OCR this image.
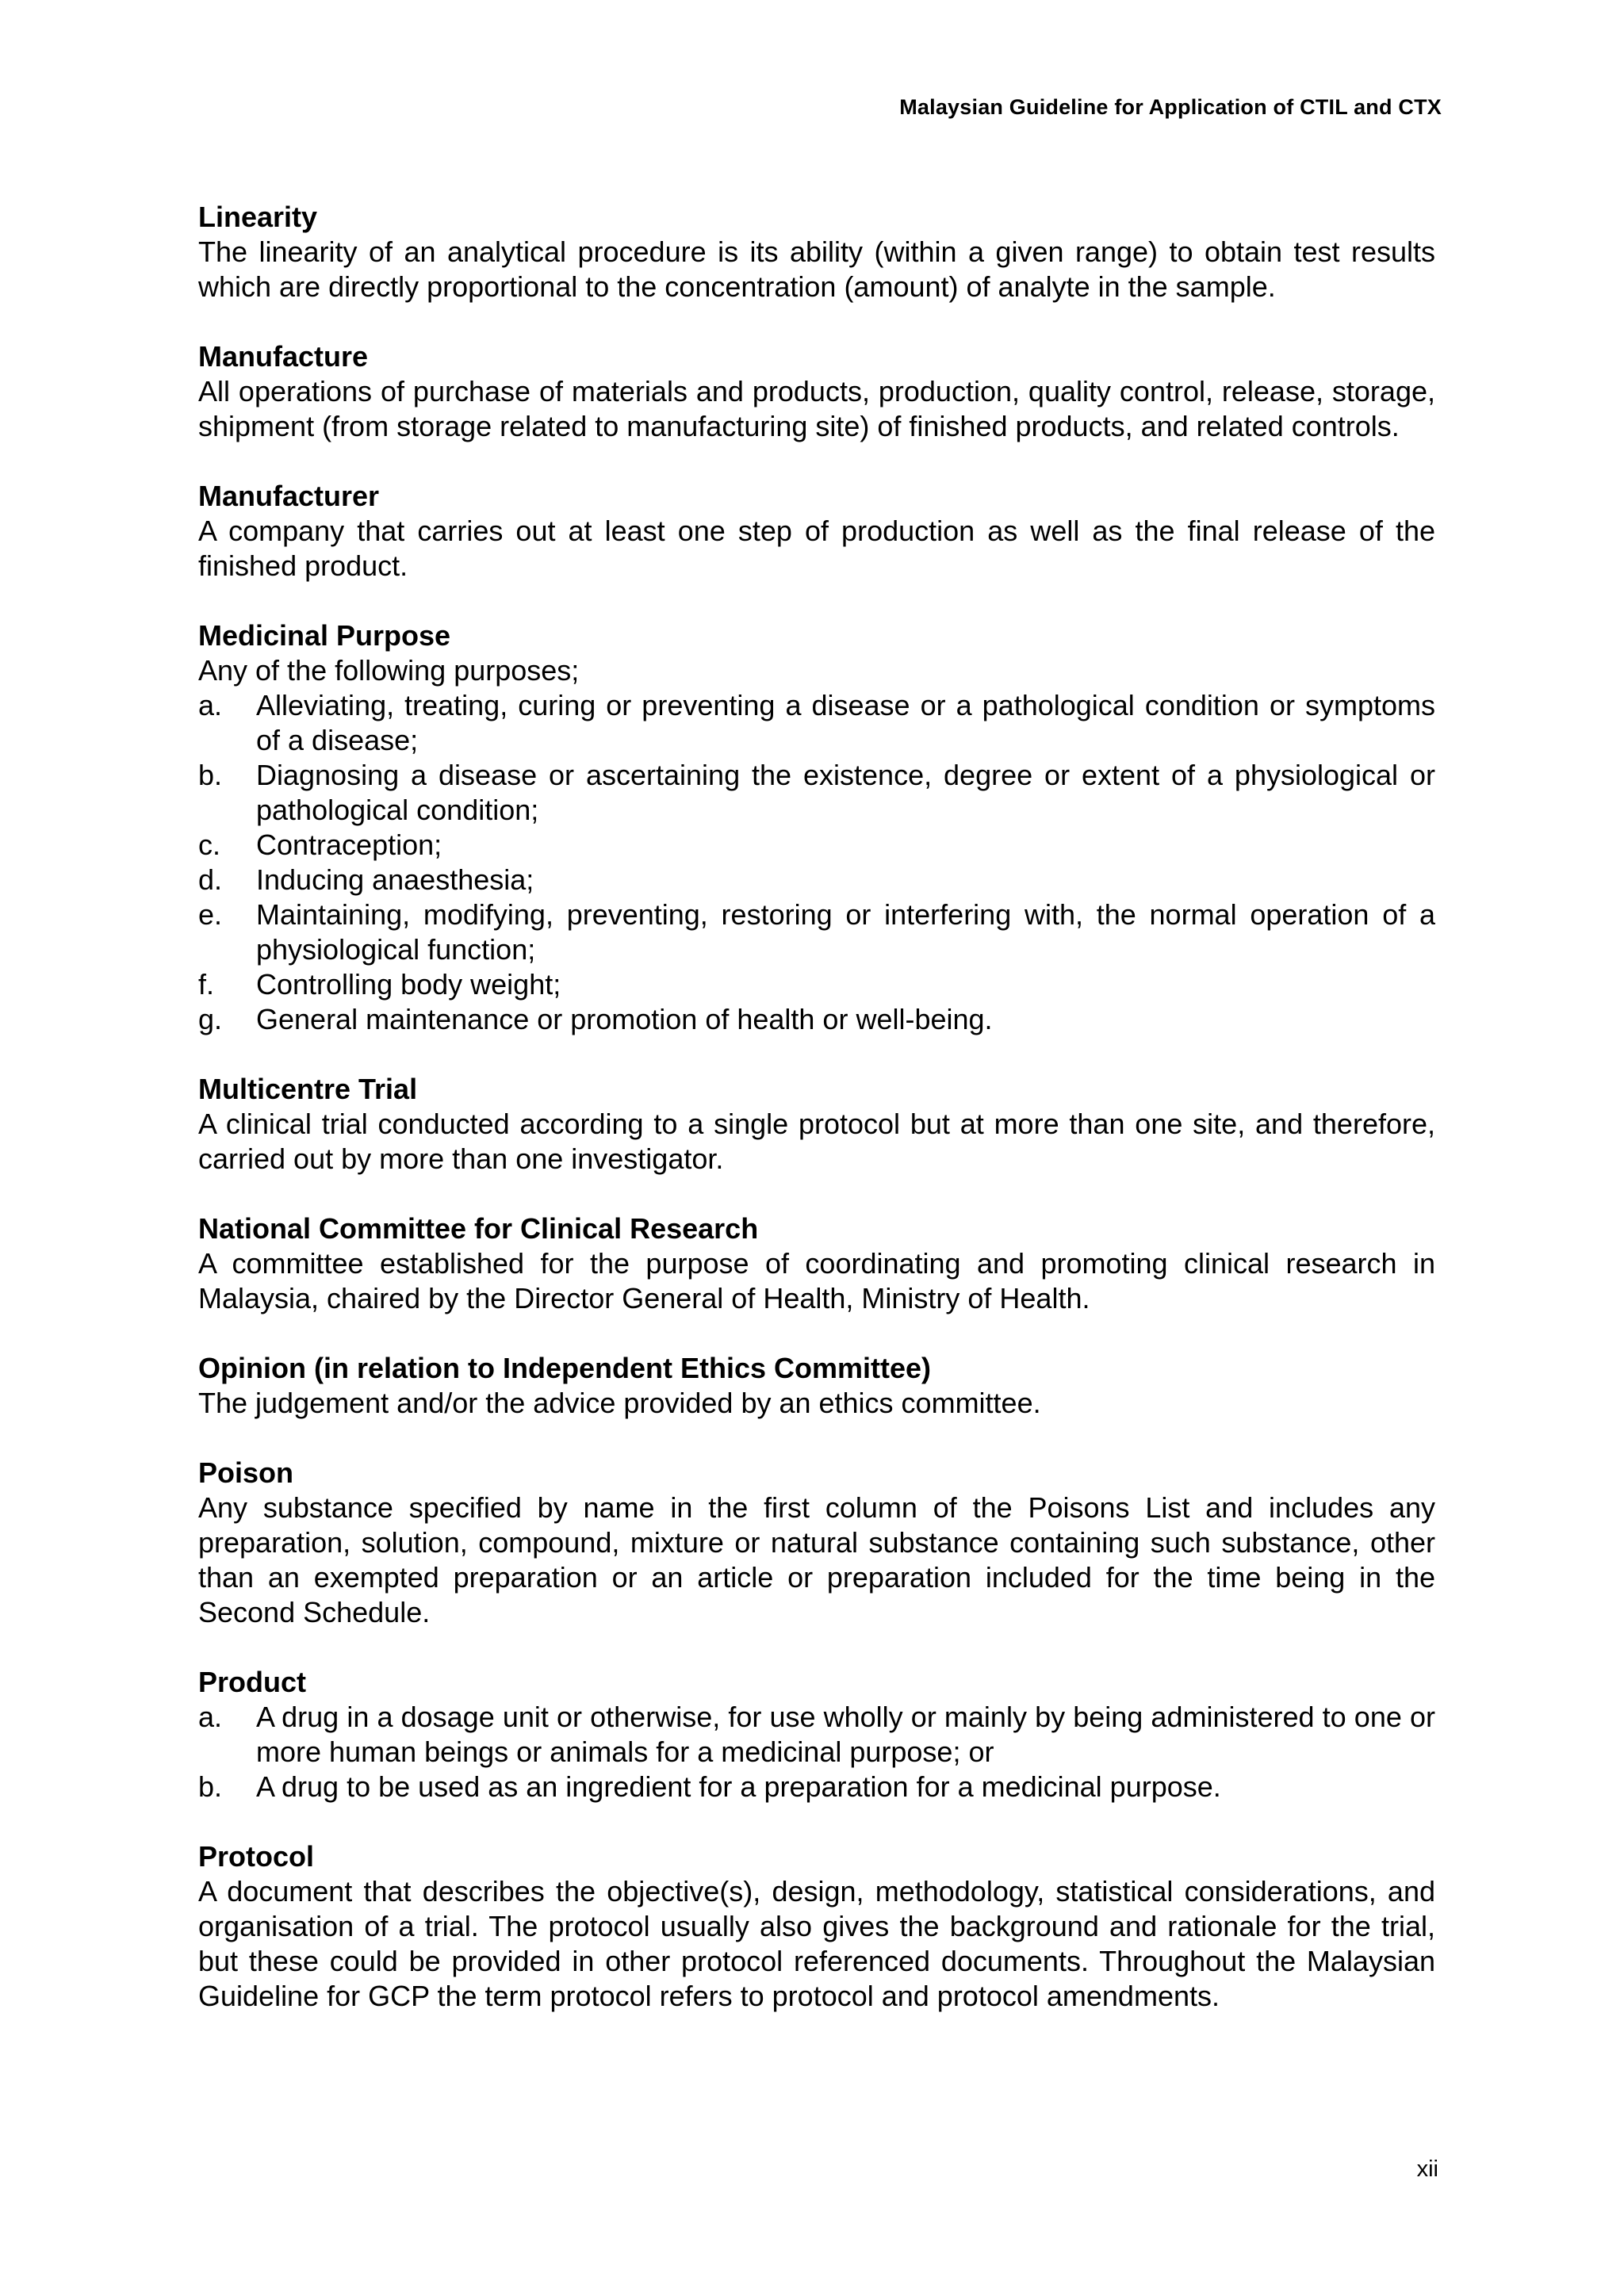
Malaysian Guideline for Application of CTIL and CTX
Linearity
The linearity of an analytical procedure is its ability (within a given range) to obtain test results which are directly proportional to the concentration (amount) of analyte in the sample.
Manufacture
All operations of purchase of materials and products, production, quality control, release, storage, shipment (from storage related to manufacturing site) of finished products, and related controls.
Manufacturer
A company that carries out at least one step of production as well as the final release of the finished product.
Medicinal Purpose
Any of the following purposes;
a.	Alleviating, treating, curing or preventing a disease or a pathological condition or symptoms of a disease;
b.	Diagnosing a disease or ascertaining the existence, degree or extent of a physiological or pathological condition;
c.	Contraception;
d.	Inducing anaesthesia;
e.	Maintaining, modifying, preventing, restoring or interfering with, the normal operation of a physiological function;
f.	Controlling body weight;
g.	General maintenance or promotion of health or well-being.
Multicentre Trial
A clinical trial conducted according to a single protocol but at more than one site, and therefore, carried out by more than one investigator.
National Committee for Clinical Research
A committee established for the purpose of coordinating and promoting clinical research in Malaysia, chaired by the Director General of Health, Ministry of Health.
Opinion (in relation to Independent Ethics Committee)
The judgement and/or the advice provided by an ethics committee.
Poison
Any substance specified by name in the first column of the Poisons List and includes any preparation, solution, compound, mixture or natural substance containing such substance, other than an exempted preparation or an article or preparation included for the time being in the Second Schedule.
Product
a.	A drug in a dosage unit or otherwise, for use wholly or mainly by being administered to one or more human beings or animals for a medicinal purpose; or
b.	A drug to be used as an ingredient for a preparation for a medicinal purpose.
Protocol
A document that describes the objective(s), design, methodology, statistical considerations, and organisation of a trial. The protocol usually also gives the background and rationale for the trial, but these could be provided in other protocol referenced documents. Throughout the Malaysian Guideline for GCP the term protocol refers to protocol and protocol amendments.
xii
